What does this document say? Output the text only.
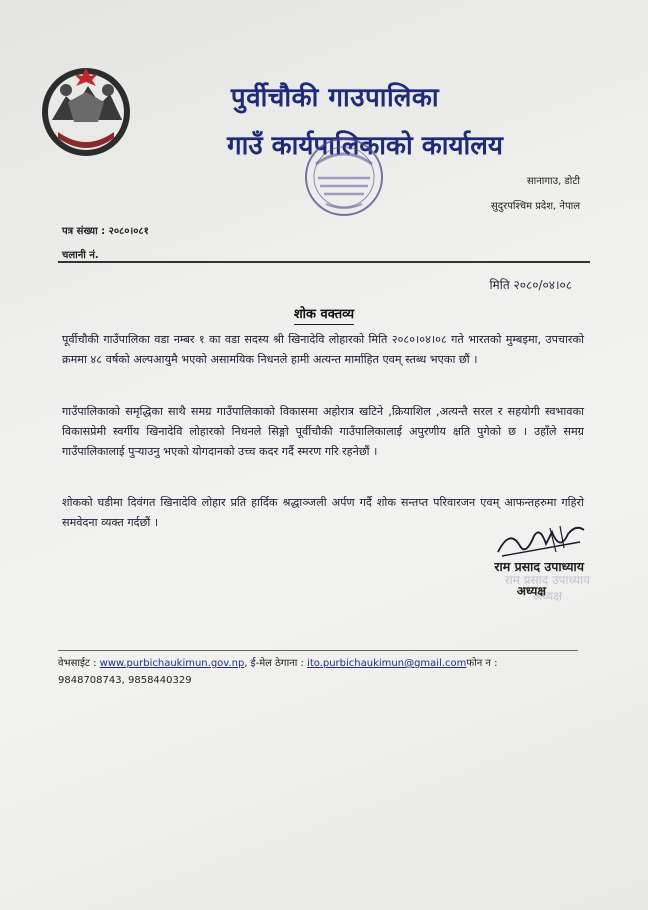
पुर्वीचौकी गाउपालिका
गाउँ कार्यपालिकाको कार्यालय
सानागाउ, डोटी
सुदुरपश्चिम प्रदेश, नेपाल
पत्र संख्या : २०८०।०८१
चलानी नं.
मिति २०८०/०४।०८
शोक वक्तव्य
पूर्वीचौकी गाउँपालिका वडा नम्बर १ का वडा सदस्य श्री खिनादेवि लोहारको मिति २०८०।०४।०८ गते भारतको मुम्बइमा, उपचारको क्रममा ४८ वर्षको अल्पआयुमै भएको असामयिक निधनले हामी अत्यन्त मार्माहित एवम् स्तब्ध भएका छौं ।
गाउँपालिकाको समृद्धिका साथै समग्र गाउँपालिकाको विकासमा अहोरात्र खटिने ,क्रियाशिल ,अत्यन्तै सरल र सहयोगी स्वभावका विकासप्रेमी स्वर्गीय खिनादेवि लोहारको निधनले सिङ्गो पूर्वीचौकी गाउँपालिकालाई अपुरणीय क्षति पुगेको छ । उहाँले समग्र गाउँपालिकालाई पुऱ्याउनु भएको योगदानको उच्च कदर गर्दै स्मरण गरि रहनेछौं ।
शोकको घडीमा दिवंगत खिनादेवि लोहार प्रति हार्दिक श्रद्धाञ्जली अर्पण गर्दै शोक सन्तप्त परिवारजन एवम् आफन्तहरुमा गहिरो समवेदना व्यक्त गर्दछौं ।
राम प्रसाद उपाध्याय
अध्यक्ष
राम प्रसाद उपाध्याय
अध्यक्ष
वेभसाईट : www.purbichaukimun.gov.np, ई-मेल ठेगाना : ito.purbichaukimun@gmail.comफोन न :
9848708743, 9858440329
